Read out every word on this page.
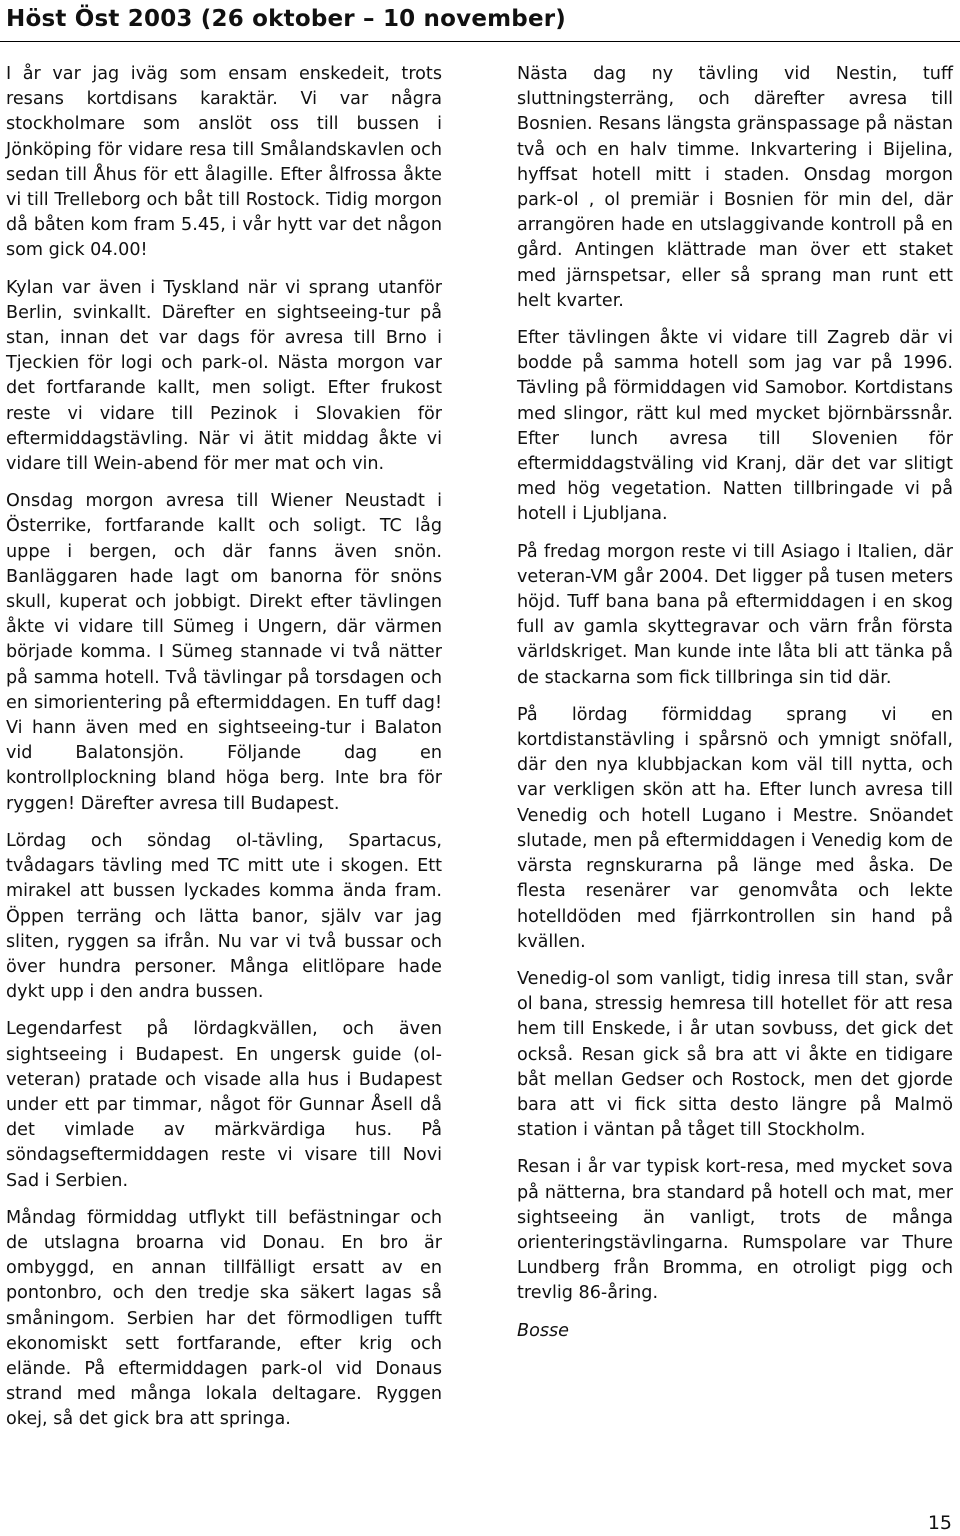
Höst Öst 2003 (26 oktober – 10 november)

I år var jag iväg som ensam enskedeit, trots resans kortdisans karaktär. Vi var några stockholmare som anslöt oss till bussen i Jönköping för vidare resa till Smålandskavlen och sedan till Åhus för ett ålagille. Efter ålfrossa åkte vi till Trelleborg och båt till Rostock. Tidig morgon då båten kom fram 5.45, i vår hytt var det någon som gick 04.00!

Kylan var även i Tyskland när vi sprang utanför Berlin, svinkallt. Därefter en sightseeing-tur på stan, innan det var dags för avresa till Brno i Tjeckien för logi och park-ol. Nästa morgon var det fortfarande kallt, men soligt. Efter frukost reste vi vidare till Pezinok i Slovakien för eftermiddagstävling. När vi ätit middag åkte vi vidare till Wein-abend för mer mat och vin.

Onsdag morgon avresa till Wiener Neustadt i Österrike, fortfarande kallt och soligt. TC låg uppe i bergen, och där fanns även snön. Banläggaren hade lagt om banorna för snöns skull, kuperat och jobbigt. Direkt efter tävlingen åkte vi vidare till Sümeg i Ungern, där värmen började komma. I Sümeg stannade vi två nätter på samma hotell. Två tävlingar på torsdagen och en simorientering på eftermiddagen. En tuff dag! Vi hann även med en sightseeing-tur i Balaton vid Balatonsjön. Följande dag en kontrollplockning bland höga berg. Inte bra för ryggen! Därefter avresa till Budapest.

Lördag och söndag ol-tävling, Spartacus, tvådagars tävling med TC mitt ute i skogen. Ett mirakel att bussen lyckades komma ända fram. Öppen terräng och lätta banor, själv var jag sliten, ryggen sa ifrån. Nu var vi två bussar och över hundra personer. Många elitlöpare hade dykt upp i den andra bussen.

Legendarfest på lördagkvällen, och även sightseeing i Budapest. En ungersk guide (ol-veteran) pratade och visade alla hus i Budapest under ett par timmar, något för Gunnar Åsell då det vimlade av märkvärdiga hus. På söndagseftermiddagen reste vi visare till Novi Sad i Serbien.

Måndag förmiddag utflykt till befästningar och de utslagna broarna vid Donau. En bro är ombyggd, en annan tillfälligt ersatt av en pontonbro, och den tredje ska säkert lagas så småningom. Serbien har det förmodligen tufft ekonomiskt sett fortfarande, efter krig och elände. På eftermiddagen park-ol vid Donaus strand med många lokala deltagare. Ryggen okej, så det gick bra att springa.

Nästa dag ny tävling vid Nestin, tuff sluttningsterräng, och därefter avresa till Bosnien. Resans längsta gränspassage på nästan två och en halv timme. Inkvartering i Bijelina, hyffsat hotell mitt i staden. Onsdag morgon park-ol , ol premiär i Bosnien för min del, där arrangören hade en utslaggivande kontroll på en gård. Antingen klättrade man över ett staket med järnspetsar, eller så sprang man runt ett helt kvarter.

Efter tävlingen åkte vi vidare till Zagreb där vi bodde på samma hotell som jag var på 1996. Tävling på förmiddagen vid Samobor. Kortdistans med slingor, rätt kul med mycket björnbärssnår. Efter lunch avresa till Slovenien för eftermiddagstväling vid Kranj, där det var slitigt med hög vegetation. Natten tillbringade vi på hotell i Ljubljana.

På fredag morgon reste vi till Asiago i Italien, där veteran-VM går 2004. Det ligger på tusen meters höjd. Tuff bana bana på eftermiddagen i en skog full av gamla skyttegravar och värn från första världskriget. Man kunde inte låta bli att tänka på de stackarna som fick tillbringa sin tid där.

På lördag förmiddag sprang vi en kortdistanstävling i spårsnö och ymnigt snöfall, där den nya klubbjackan kom väl till nytta, och var verkligen skön att ha. Efter lunch avresa till Venedig och hotell Lugano i Mestre. Snöandet slutade, men på eftermiddagen i Venedig kom de värsta regnskurarna på länge med åska. De flesta resenärer var genomvåta och lekte hotelldöden med fjärrkontrollen sin hand på kvällen.

Venedig-ol som vanligt, tidig inresa till stan, svår ol bana, stressig hemresa till hotellet för att resa hem till Enskede, i år utan sovbuss, det gick det också. Resan gick så bra att vi åkte en tidigare båt mellan Gedser och Rostock, men det gjorde bara att vi fick sitta desto längre på Malmö station i väntan på tåget till Stockholm.

Resan i år var typisk kort-resa, med mycket sova på nätterna, bra standard på hotell och mat, mer sightseeing än vanligt, trots de många orienteringstävlingarna. Rumspolare var Thure Lundberg från Bromma, en otroligt pigg och trevlig 86-åring.

Bosse

15
